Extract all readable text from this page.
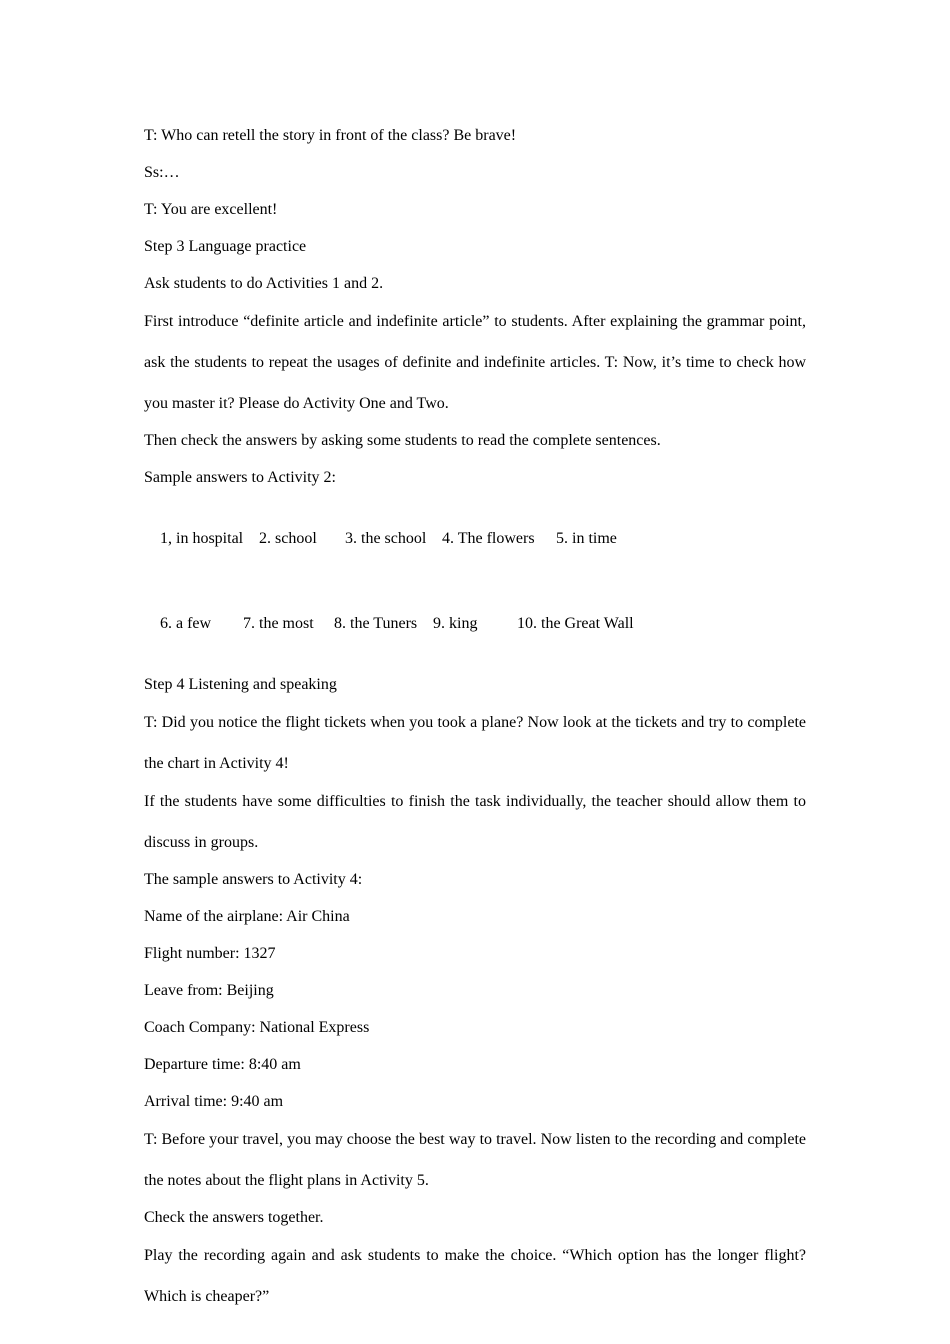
T: Who can retell the story in front of the class? Be brave!

Ss:…

T: You are excellent!

Step 3 Language practice

Ask students to do Activities 1 and 2.

First introduce “definite article and indefinite article” to students. After explaining the grammar point, ask the students to repeat the usages of definite and indefinite articles. T: Now, it’s time to check how you master it? Please do Activity One and Two.

Then check the answers by asking some students to read the complete sentences.

Sample answers to Activity 2:

1, in hospital 2. school 3. the school 4. The flowers 5. in time

6. a few 7. the most 8. the Tuners 9. king 10. the Great Wall

Step 4 Listening and speaking

T: Did you notice the flight tickets when you took a plane? Now look at the tickets and try to complete the chart in Activity 4!

If the students have some difficulties to finish the task individually, the teacher should allow them to discuss in groups.

The sample answers to Activity 4:

Name of the airplane: Air China

Flight number: 1327

Leave from: Beijing

Coach Company: National Express

Departure time: 8:40 am

Arrival time: 9:40 am

T: Before your travel, you may choose the best way to travel. Now listen to the recording and complete the notes about the flight plans in Activity 5.

Check the answers together.

Play the recording again and ask students to make the choice. “Which option has the longer flight? Which is cheaper?”
